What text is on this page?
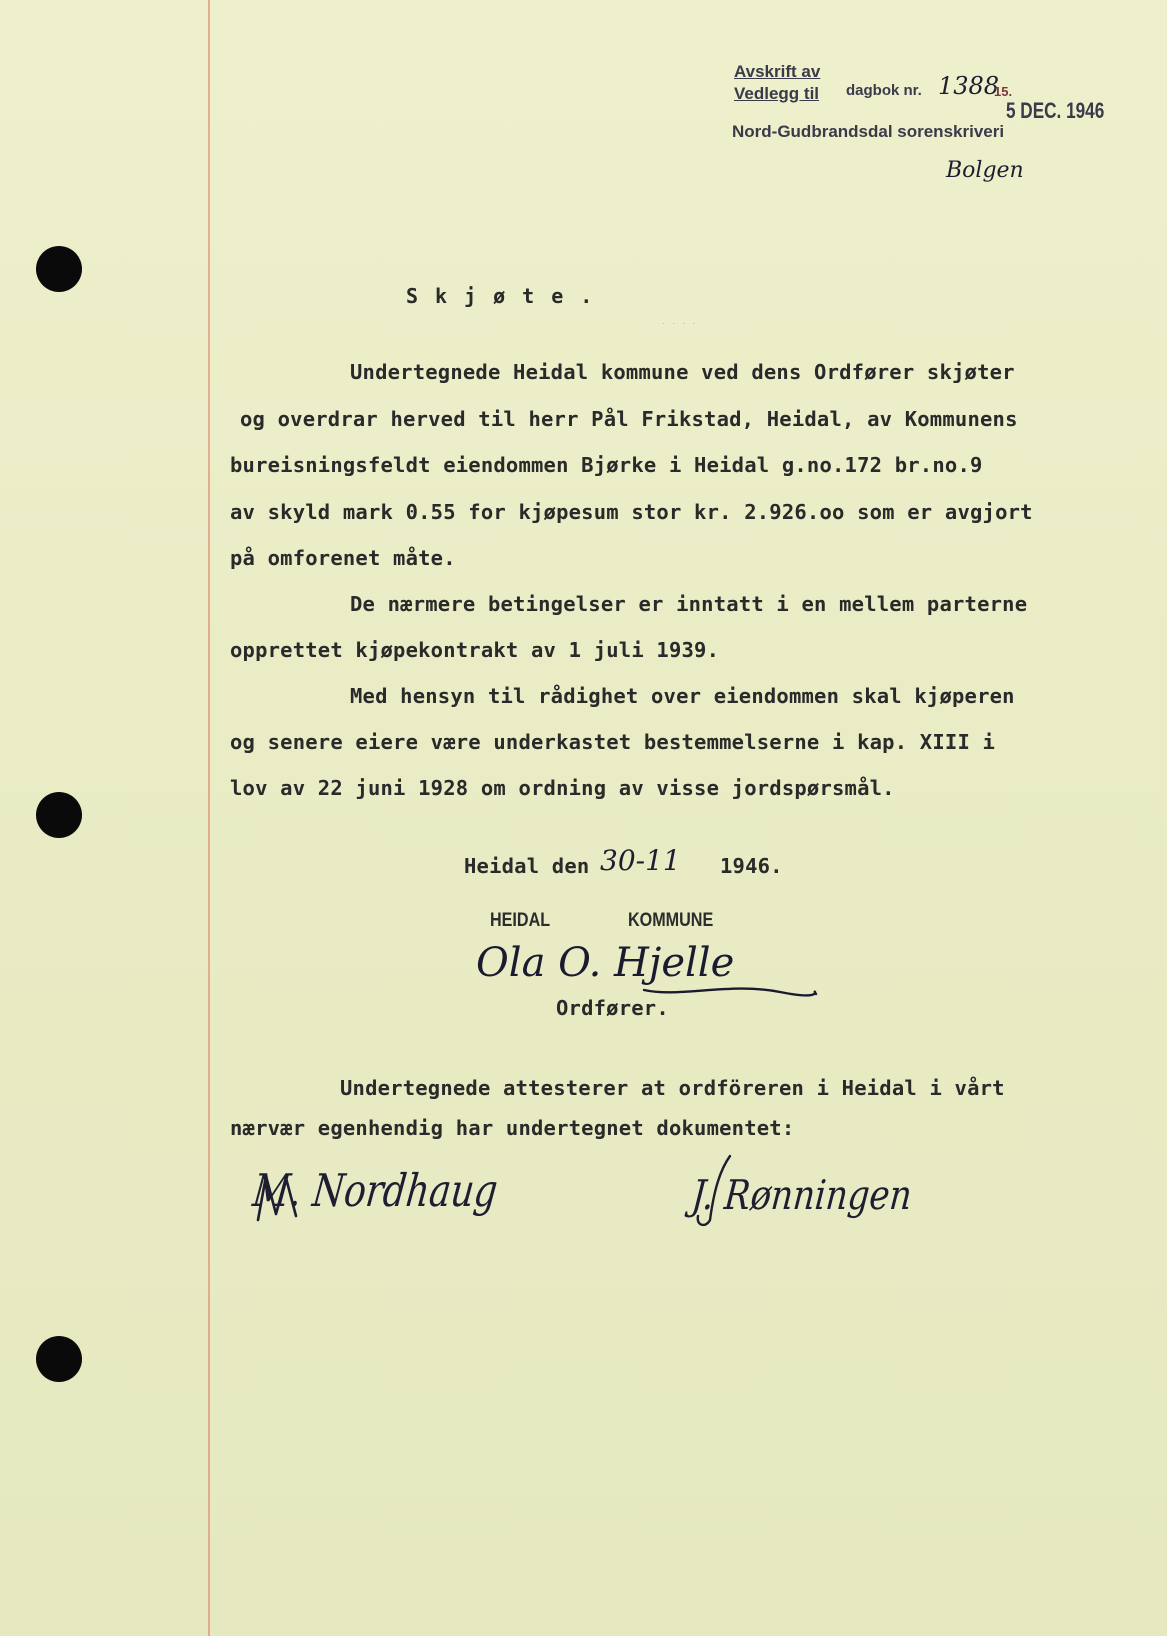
Avskrift av
Vedlegg til dagbok nr. 1388
15.
5 DEC. 1946
Nord-Gudbrandsdal sorenskriveri
Bolgen
Skjøte.
· · · ·
Undertegnede Heidal kommune ved dens Ordfører skjøter
og overdrar herved til herr Pål Frikstad, Heidal, av Kommunens
bureisningsfeldt eiendommen Bjørke i Heidal g.no.172 br.no.9
av skyld mark 0.55 for kjøpesum stor kr. 2.926.oo som er avgjort
på omforenet måte.
De nærmere betingelser er inntatt i en mellem parterne
opprettet kjøpekontrakt av 1 juli 1939.
Med hensyn til rådighet over eiendommen skal kjøperen
og senere eiere være underkastet bestemmelserne i kap. XIII i
lov av 22 juni 1928 om ordning av visse jordspørsmål.
Heidal den 30-11 1946.
HEIDAL	KOMMUNE
Ola O. Hjelle
Ordfører.
Undertegnede attesterer at ordföreren i Heidal i vårt
nærvær egenhendig har undertegnet dokumentet:
M. Nordhaug	J. Rønningen
